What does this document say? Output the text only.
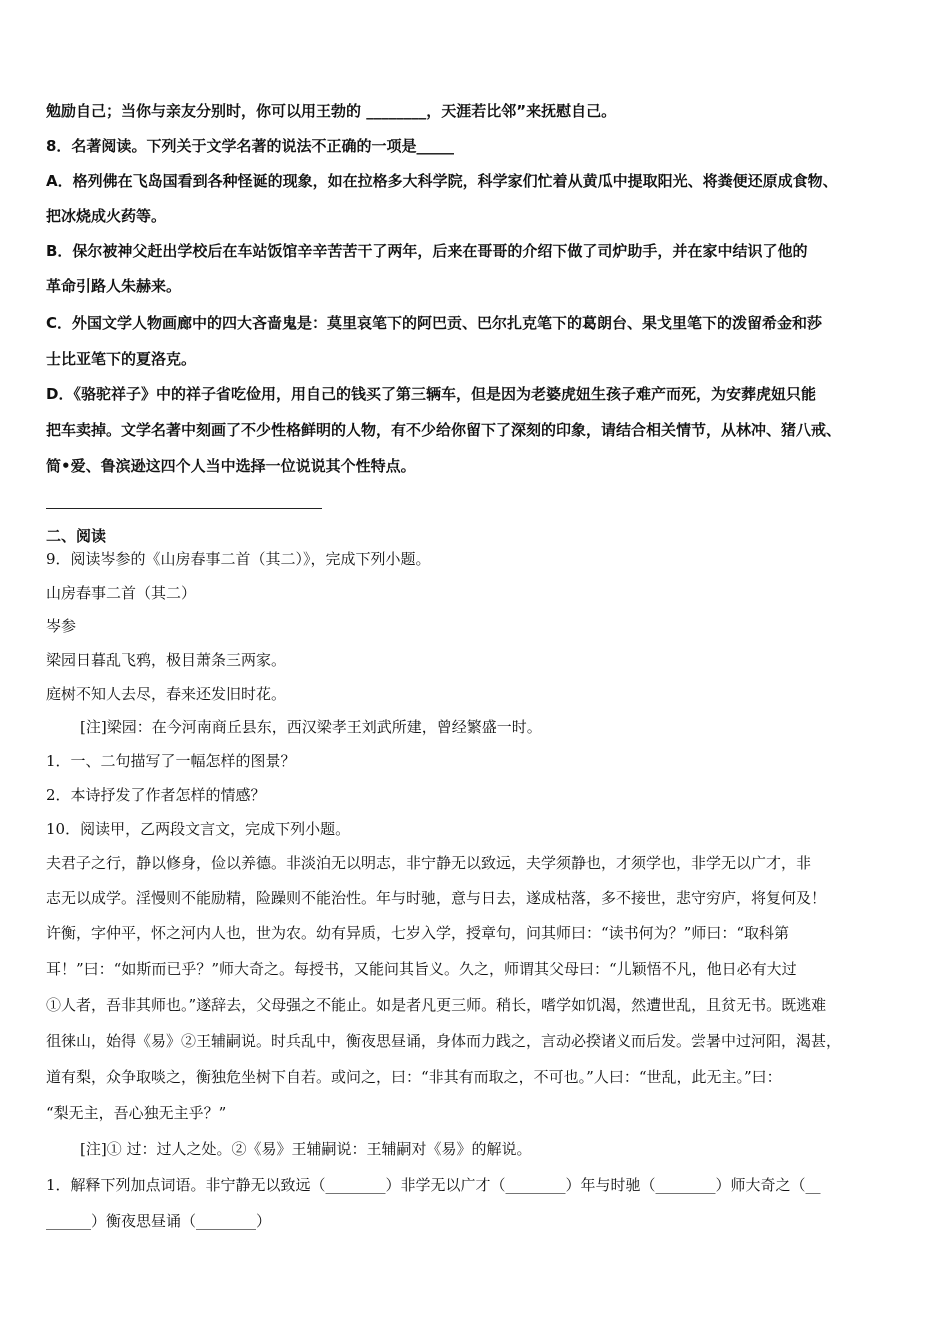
勉励自己；当你与亲友分别时，你可以用王勃的 ________，天涯若比邻”来抚慰自己。
8．名著阅读。下列关于文学名著的说法不正确的一项是_____
A．格列佛在飞岛国看到各种怪诞的现象，如在拉格多大科学院，科学家们忙着从黄瓜中提取阳光、将粪便还原成食物、
把冰烧成火药等。
B．保尔被神父赶出学校后在车站饭馆辛辛苦苦干了两年，后来在哥哥的介绍下做了司炉助手，并在家中结识了他的
革命引路人朱赫来。
C．外国文学人物画廊中的四大吝啬鬼是：莫里哀笔下的阿巴贡、巴尔扎克笔下的葛朗台、果戈里笔下的泼留希金和莎
士比亚笔下的夏洛克。
D．《骆驼祥子》中的祥子省吃俭用，用自己的钱买了第三辆车，但是因为老婆虎妞生孩子难产而死，为安葬虎妞只能
把车卖掉。文学名著中刻画了不少性格鲜明的人物，有不少给你留下了深刻的印象，请结合相关情节，从林冲、猪八戒、
简•爱、鲁滨逊这四个人当中选择一位说说其个性特点。
二、阅读
9．阅读岑参的《山房春事二首（其二）》，完成下列小题。
山房春事二首（其二）
岑参
梁园日暮乱飞鸦，极目萧条三两家。
庭树不知人去尽，春来还发旧时花。
[注]梁园：在今河南商丘县东，西汉梁孝王刘武所建，曾经繁盛一时。
1．一、二句描写了一幅怎样的图景？
2．本诗抒发了作者怎样的情感？
10．阅读甲，乙两段文言文，完成下列小题。
夫君子之行，静以修身，俭以养德。非淡泊无以明志，非宁静无以致远，夫学须静也，才须学也，非学无以广才，非
志无以成学。淫慢则不能励精，险躁则不能治性。年与时驰，意与日去，遂成枯落，多不接世，悲守穷庐，将复何及！
许衡，字仲平，怀之河内人也，世为农。幼有异质，七岁入学，授章句，问其师曰：“读书何为？”师曰：“取科第
耳！”曰：“如斯而已乎？”师大奇之。每授书，又能问其旨义。久之，师谓其父母曰：“儿颖悟不凡，他日必有大过
①人者，吾非其师也。”遂辞去，父母强之不能止。如是者凡更三师。稍长，嗜学如饥渴，然遭世乱，且贫无书。既逃难
徂徕山，始得《易》②王辅嗣说。时兵乱中，衡夜思昼诵，身体而力践之，言动必揆诸义而后发。尝暑中过河阳，渴甚，
道有梨，众争取啖之，衡独危坐树下自若。或问之，曰：“非其有而取之，不可也。”人曰：“世乱，此无主。”曰：
“梨无主，吾心独无主乎？”
[注]① 过：过人之处。②《易》王辅嗣说：王辅嗣对《易》的解说。
1．解释下列加点词语。非宁静无以致远（________）非学无以广才（________）年与时驰（________）师大奇之（__
______）衡夜思昼诵（________）
